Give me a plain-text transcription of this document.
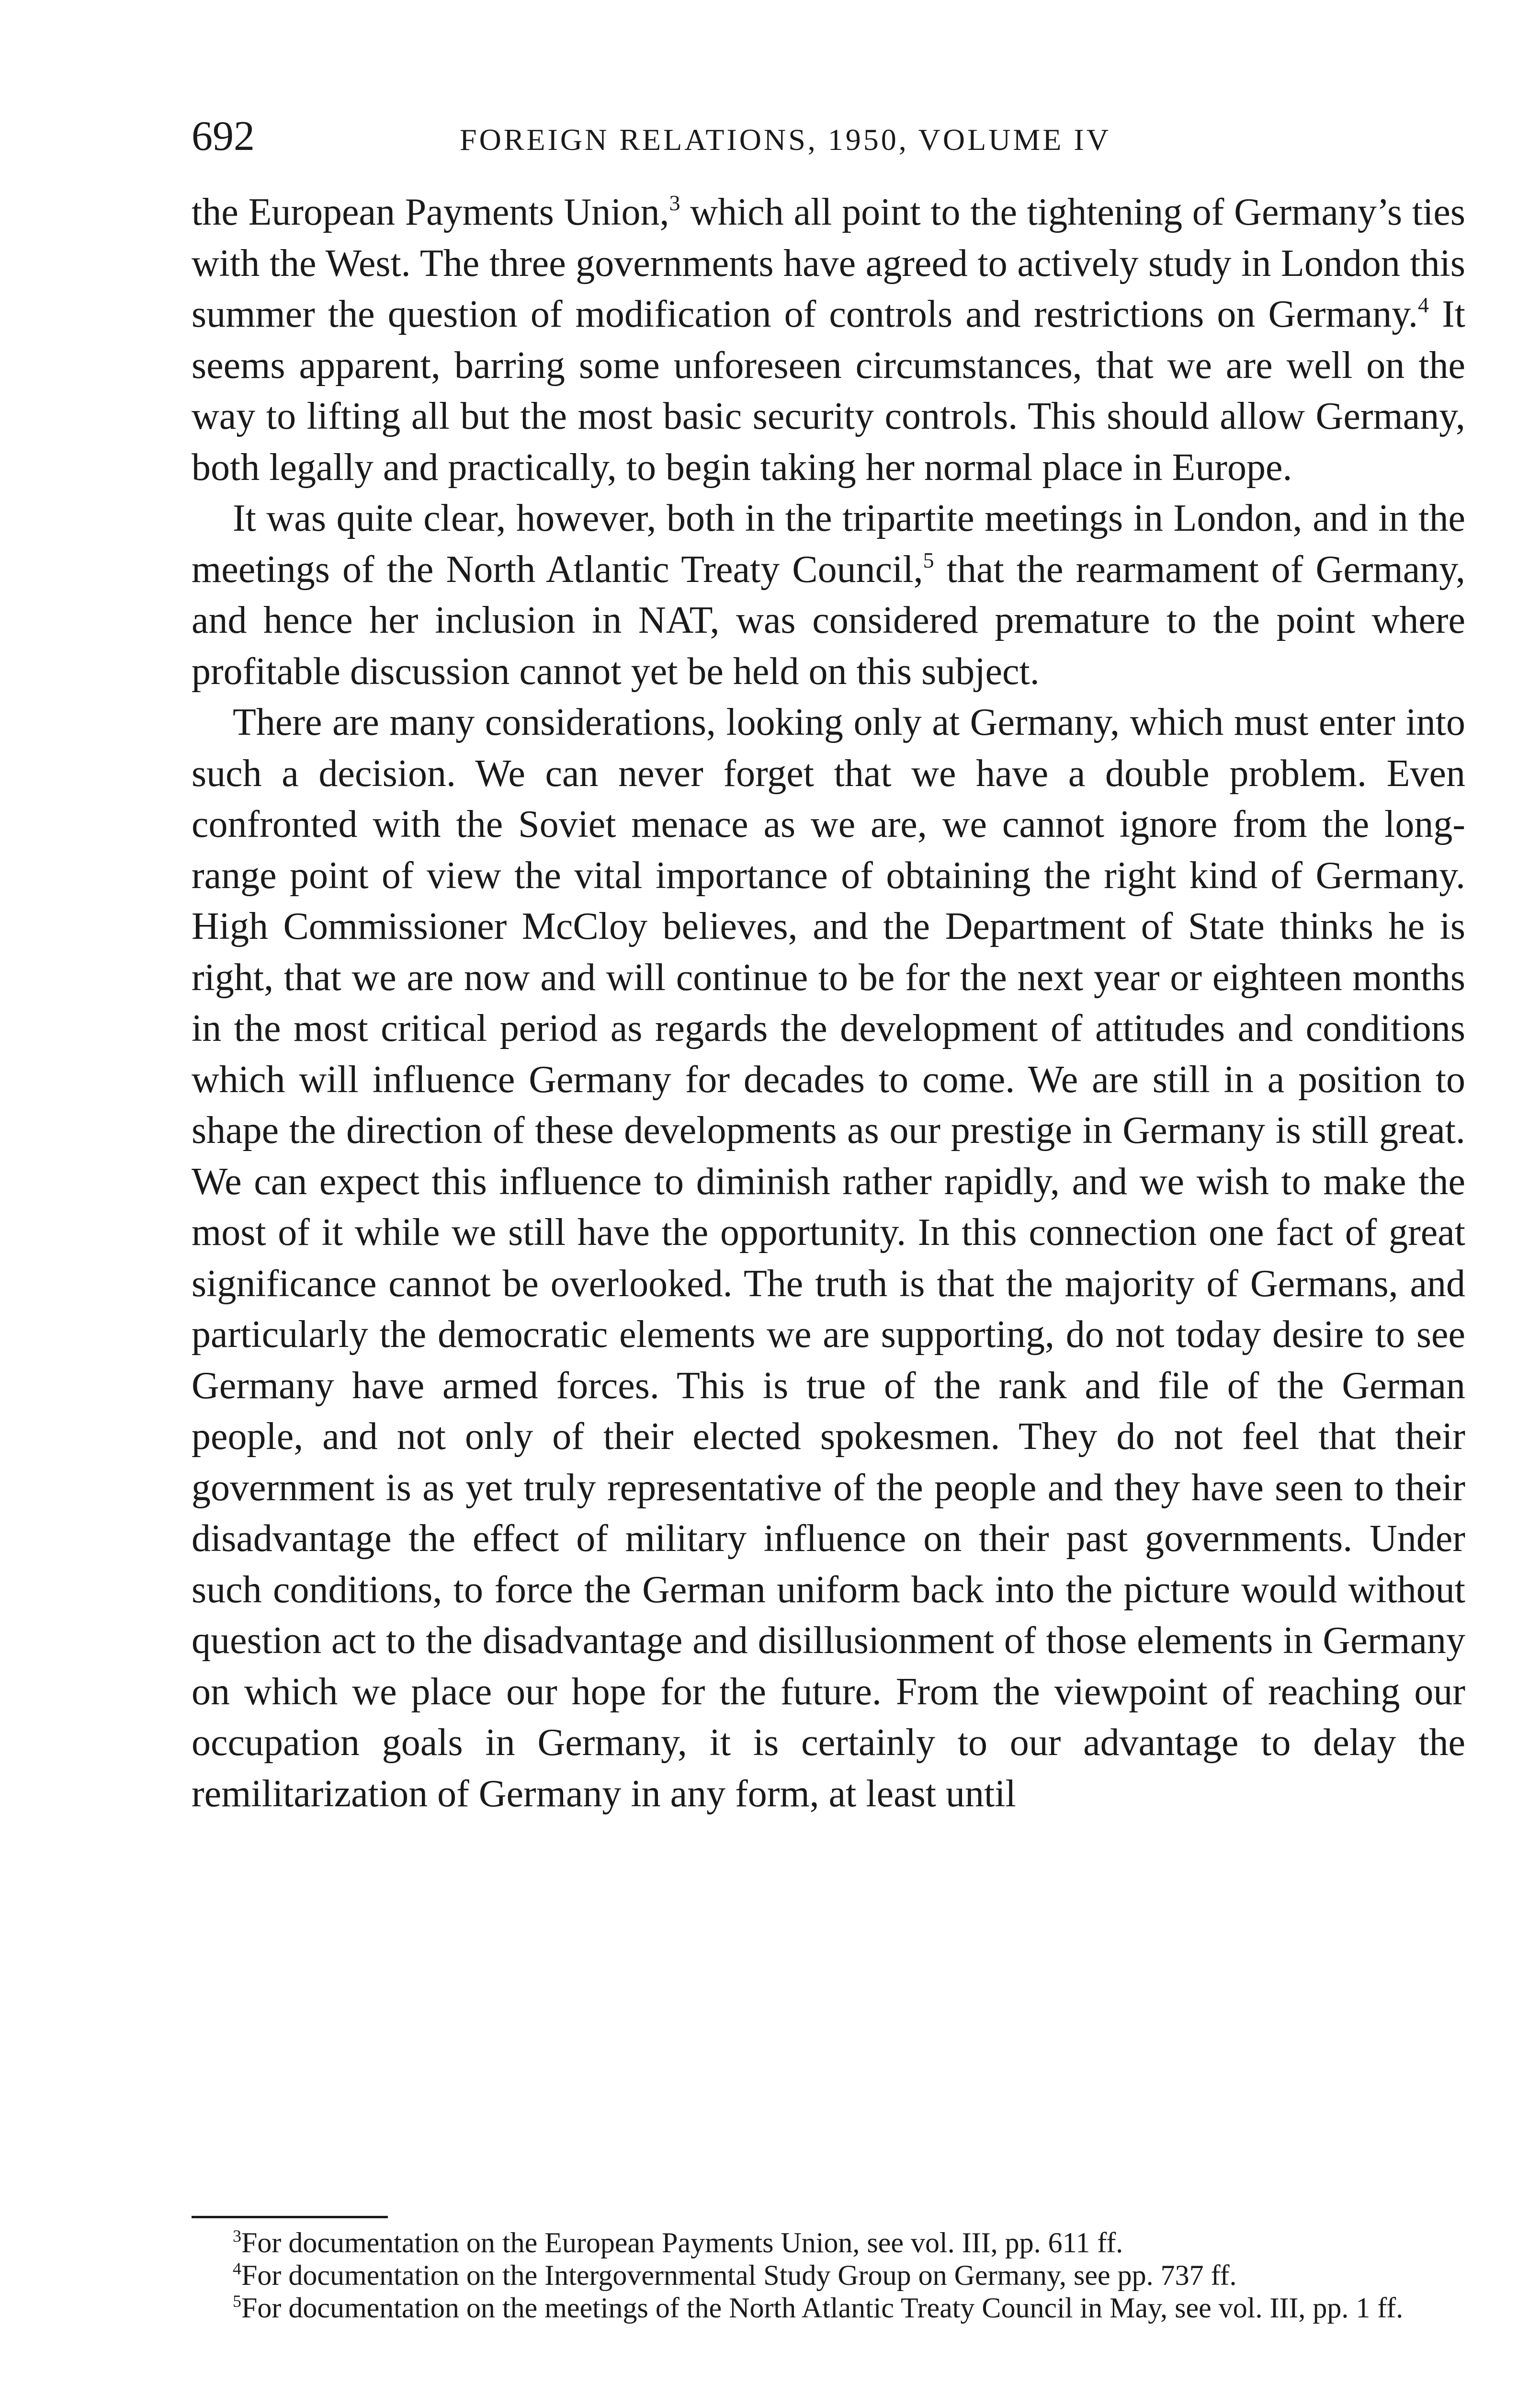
692	FOREIGN RELATIONS, 1950, VOLUME IV

the European Payments Union,$^3$ which all point to the tightening of Germany’s ties with the West. The three governments have agreed to actively study in London this summer the question of modification of controls and restrictions on Germany.$^4$ It seems apparent, barring some unforeseen circumstances, that we are well on the way to lifting all but the most basic security controls. This should allow Germany, both legally and practically, to begin taking her normal place in Europe.

It was quite clear, however, both in the tripartite meetings in London, and in the meetings of the North Atlantic Treaty Council,$^5$ that the rearmament of Germany, and hence her inclusion in NAT, was considered premature to the point where profitable discussion cannot yet be held on this subject.

There are many considerations, looking only at Germany, which must enter into such a decision. We can never forget that we have a double problem. Even confronted with the Soviet menace as we are, we cannot ignore from the long-range point of view the vital importance of obtaining the right kind of Germany. High Commissioner McCloy believes, and the Department of State thinks he is right, that we are now and will continue to be for the next year or eighteen months in the most critical period as regards the development of attitudes and conditions which will influence Germany for decades to come. We are still in a position to shape the direction of these developments as our prestige in Germany is still great. We can expect this influence to diminish rather rapidly, and we wish to make the most of it while we still have the opportunity. In this connection one fact of great significance cannot be overlooked. The truth is that the majority of Germans, and particularly the democratic elements we are supporting, do not today desire to see Germany have armed forces. This is true of the rank and file of the German people, and not only of their elected spokesmen. They do not feel that their government is as yet truly representative of the people and they have seen to their disadvantage the effect of military influence on their past governments. Under such conditions, to force the German uniform back into the picture would without question act to the disadvantage and disillusionment of those elements in Germany on which we place our hope for the future. From the viewpoint of reaching our occupation goals in Germany, it is certainly to our advantage to delay the remilitarization of Germany in any form, at least until

$^3$For documentation on the European Payments Union, see vol. III, pp. 611 ff.

$^4$For documentation on the Intergovernmental Study Group on Germany, see pp. 737 ff.

$^5$For documentation on the meetings of the North Atlantic Treaty Council in May, see vol. III, pp. 1 ff.
